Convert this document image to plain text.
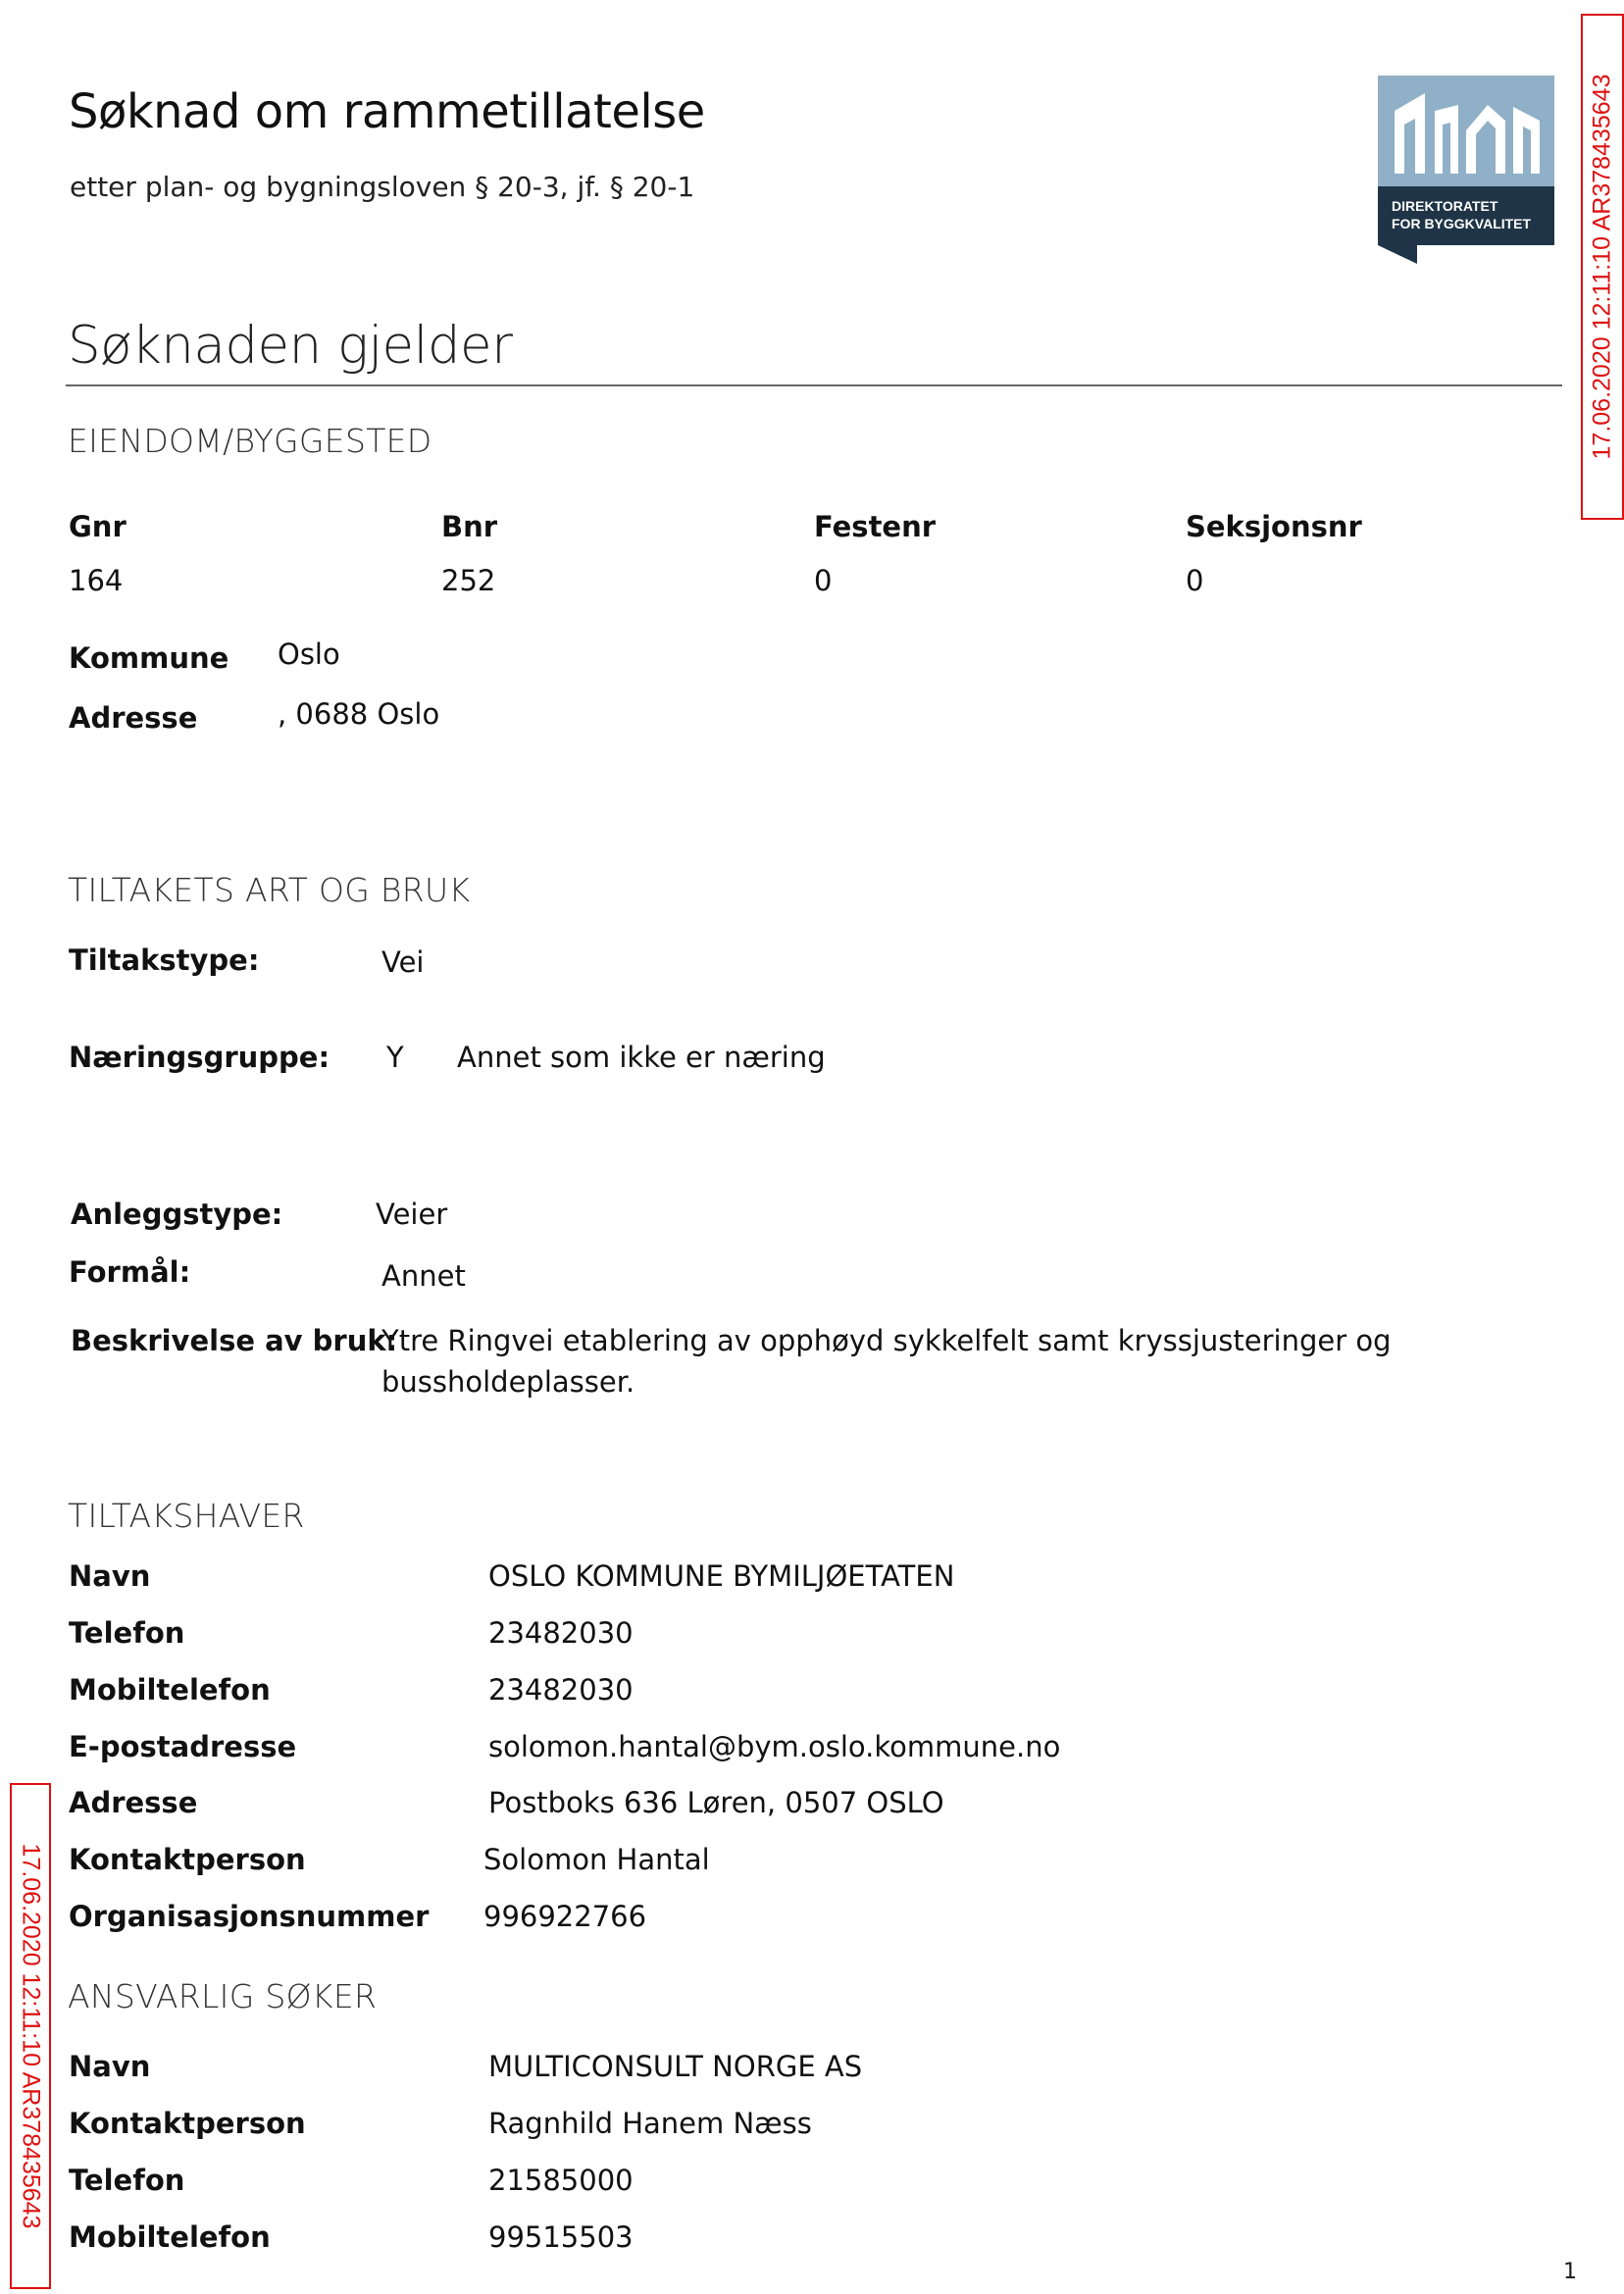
Søknad om rammetillatelse
etter plan- og bygningsloven § 20-3, jf. § 20-1
DIREKTORATET
FOR BYGGKVALITET 17.06.2020 12:11:10 AR378435643
17.06.2020 12:11:10 AR378435643
Søknaden gjelder
EIENDOM/BYGGESTED
Gnr	Bnr	Festenr	Seksjonsnr
164	252	0	0
Kommune Oslo
Adresse	, 0688 Oslo
TILTAKETS ART OG BRUK
Tiltakstype:	Vei
Næringsgruppe: Y Annet som ikke er næring
Anleggstype:	Veier
Formål:	Annet
Beskrivelse av bruk:
Ytre Ringvei etablering av opphøyd sykkelfelt samt kryssjusteringer og
bussholdeplasser.
TILTAKSHAVER
Navn	OSLO KOMMUNE BYMILJØETATEN
Telefon	23482030
Mobiltelefon	23482030
E-postadresse	solomon.hantal@bym.oslo.kommune.no
Adresse	Postboks 636 Løren, 0507 OSLO
Kontaktperson	Solomon Hantal
Organisasjonsnummer 996922766
ANSVARLIG SØKER
Navn	MULTICONSULT NORGE AS
Kontaktperson	Ragnhild Hanem Næss
Telefon	21585000
Mobiltelefon	99515503
1
